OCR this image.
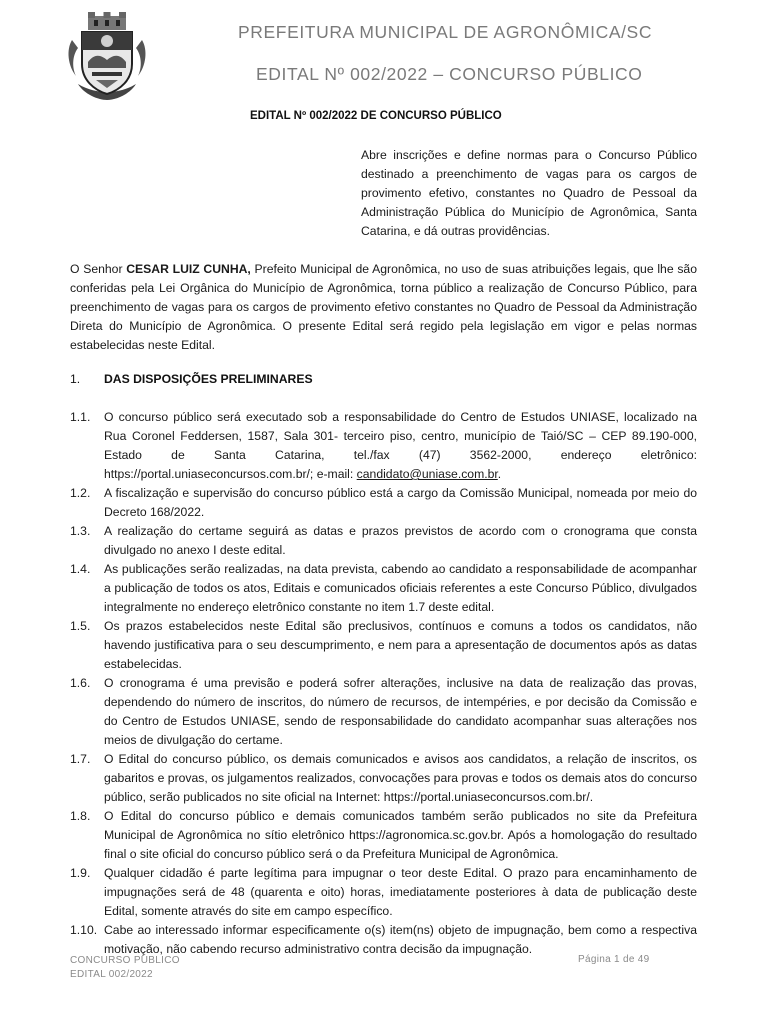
PREFEITURA MUNICIPAL DE AGRONÔMICA/SC
EDITAL Nº 002/2022 – CONCURSO PÚBLICO
EDITAL Nº 002/2022 DE CONCURSO PÚBLICO
Abre inscrições e define normas para o Concurso Público destinado a preenchimento de vagas para os cargos de provimento efetivo, constantes no Quadro de Pessoal da Administração Pública do Município de Agronômica, Santa Catarina, e dá outras providências.
O Senhor CESAR LUIZ CUNHA, Prefeito Municipal de Agronômica, no uso de suas atribuições legais, que lhe são conferidas pela Lei Orgânica do Município de Agronômica, torna público a realização de Concurso Público, para preenchimento de vagas para os cargos de provimento efetivo constantes no Quadro de Pessoal da Administração Direta do Município de Agronômica. O presente Edital será regido pela legislação em vigor e pelas normas estabelecidas neste Edital.
1. DAS DISPOSIÇÕES PRELIMINARES
1.1.	O concurso público será executado sob a responsabilidade do Centro de Estudos UNIASE, localizado na Rua Coronel Feddersen, 1587, Sala 301- terceiro piso, centro, município de Taió/SC – CEP 89.190-000, Estado de Santa Catarina, tel./fax (47) 3562-2000, endereço eletrônico: https://portal.uniaseconcursos.com.br/; e-mail: candidato@uniase.com.br.
1.2.	A fiscalização e supervisão do concurso público está a cargo da Comissão Municipal, nomeada por meio do Decreto 168/2022.
1.3.	A realização do certame seguirá as datas e prazos previstos de acordo com o cronograma que consta divulgado no anexo I deste edital.
1.4.	As publicações serão realizadas, na data prevista, cabendo ao candidato a responsabilidade de acompanhar a publicação de todos os atos, Editais e comunicados oficiais referentes a este Concurso Público, divulgados integralmente no endereço eletrônico constante no item 1.7 deste edital.
1.5.	Os prazos estabelecidos neste Edital são preclusivos, contínuos e comuns a todos os candidatos, não havendo justificativa para o seu descumprimento, e nem para a apresentação de documentos após as datas estabelecidas.
1.6.	O cronograma é uma previsão e poderá sofrer alterações, inclusive na data de realização das provas, dependendo do número de inscritos, do número de recursos, de intempéries, e por decisão da Comissão e do Centro de Estudos UNIASE, sendo de responsabilidade do candidato acompanhar suas alterações nos meios de divulgação do certame.
1.7.	O Edital do concurso público, os demais comunicados e avisos aos candidatos, a relação de inscritos, os gabaritos e provas, os julgamentos realizados, convocações para provas e todos os demais atos do concurso público, serão publicados no site oficial na Internet: https://portal.uniaseconcursos.com.br/.
1.8.	O Edital do concurso público e demais comunicados também serão publicados no site da Prefeitura Municipal de Agronômica no sítio eletrônico https://agronomica.sc.gov.br. Após a homologação do resultado final o site oficial do concurso público será o da Prefeitura Municipal de Agronômica.
1.9.	Qualquer cidadão é parte legítima para impugnar o teor deste Edital. O prazo para encaminhamento de impugnações será de 48 (quarenta e oito) horas, imediatamente posteriores à data de publicação deste Edital, somente através do site em campo específico.
1.10. Cabe ao interessado informar especificamente o(s) item(ns) objeto de impugnação, bem como a respectiva motivação, não cabendo recurso administrativo contra decisão da impugnação.
CONCURSO PÚBLICO
EDITAL 002/2022
Página 1 de 49
